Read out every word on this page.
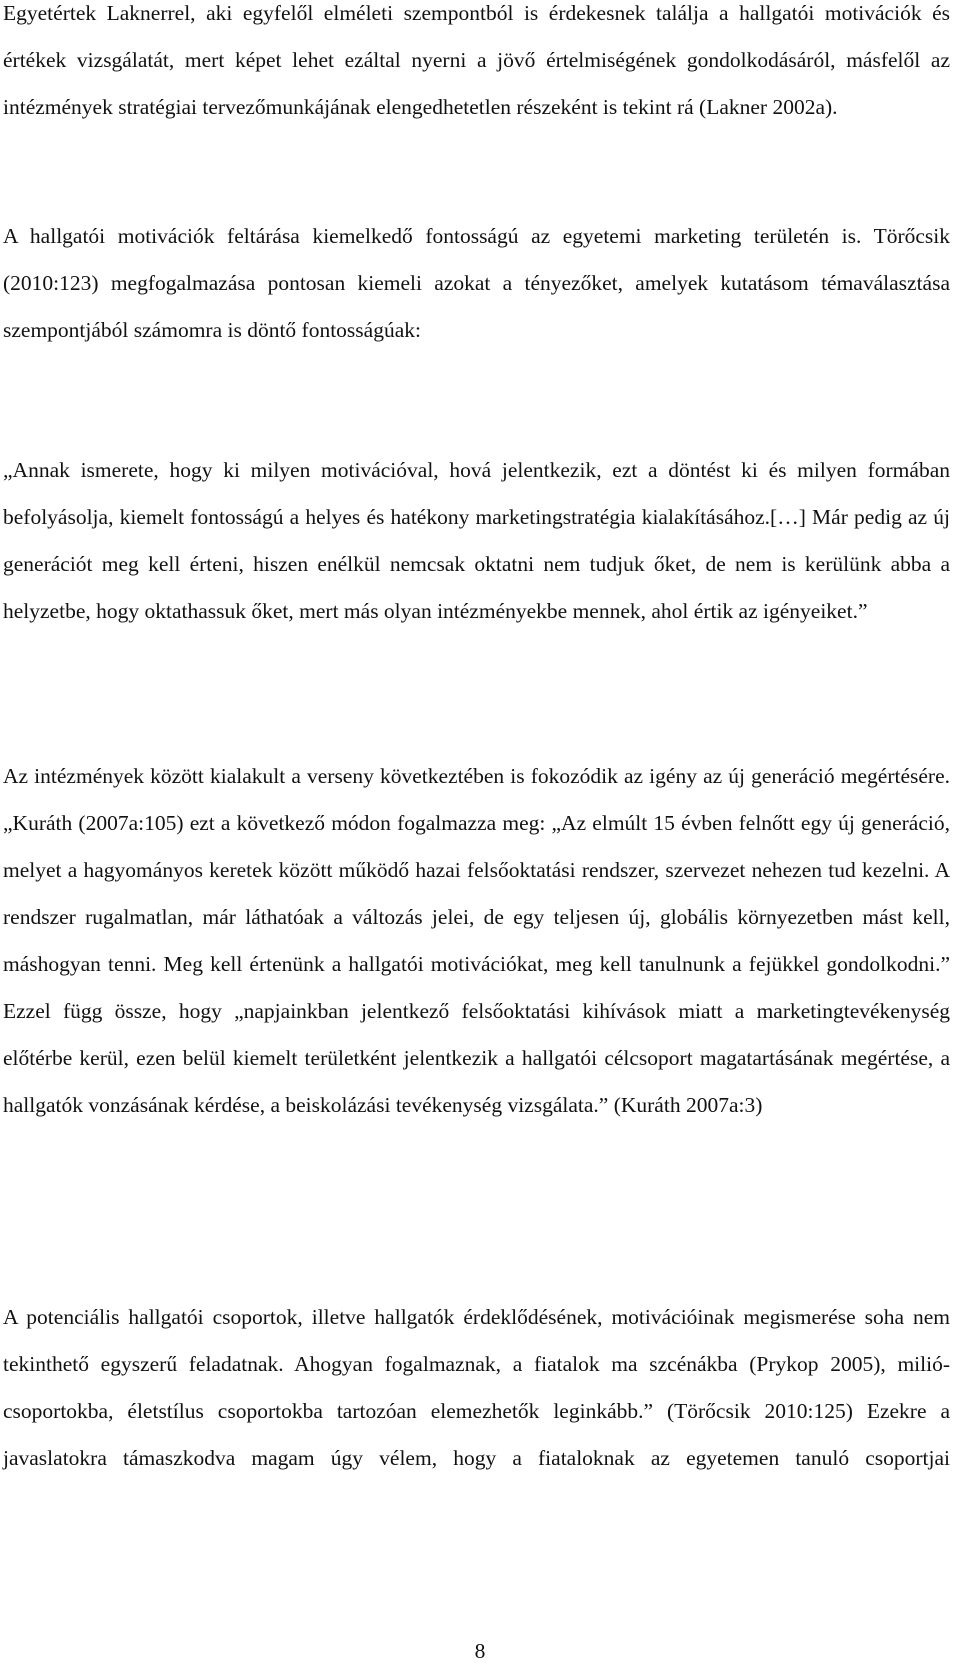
Egyetértek Laknerrel, aki egyfelől elméleti szempontból is érdekesnek találja a hallgatói motivációk és értékek vizsgálatát, mert képet lehet ezáltal nyerni a jövő értelmiségének gondolkodásáról, másfelől az intézmények stratégiai tervezőmunkájának elengedhetetlen részeként is tekint rá (Lakner 2002a).

A hallgatói motivációk feltárása kiemelkedő fontosságú az egyetemi marketing területén is. Törőcsik (2010:123) megfogalmazása pontosan kiemeli azokat a tényezőket, amelyek kutatásom témaválasztása szempontjából számomra is döntő fontosságúak:

„Annak ismerete, hogy ki milyen motivációval, hová jelentkezik, ezt a döntést ki és milyen formában befolyásolja, kiemelt fontosságú a helyes és hatékony marketingstratégia kialakításához.[…] Már pedig az új generációt meg kell érteni, hiszen enélkül nemcsak oktatni nem tudjuk őket, de nem is kerülünk abba a helyzetbe, hogy oktathassuk őket, mert más olyan intézményekbe mennek, ahol értik az igényeiket.”

Az intézmények között kialakult a verseny következtében is fokozódik az igény az új generáció megértésére. „Kuráth (2007a:105) ezt a következő módon fogalmazza meg: „Az elmúlt 15 évben felnőtt egy új generáció, melyet a hagyományos keretek között működő hazai felsőoktatási rendszer, szervezet nehezen tud kezelni. A rendszer rugalmatlan, már láthatóak a változás jelei, de egy teljesen új, globális környezetben mást kell, máshogyan tenni. Meg kell értenünk a hallgatói motivációkat, meg kell tanulnunk a fejükkel gondolkodni.” Ezzel függ össze, hogy „napjainkban jelentkező felsőoktatási kihívások miatt a marketingtevékenység előtérbe kerül, ezen belül kiemelt területként jelentkezik a hallgatói célcsoport magatartásának megértése, a hallgatók vonzásának kérdése, a beiskolázási tevékenység vizsgálata.” (Kuráth 2007a:3)

A potenciális hallgatói csoportok, illetve hallgatók érdeklődésének, motivációinak megismerése soha nem tekinthető egyszerű feladatnak. Ahogyan fogalmaznak, a fiatalok ma szcénákba (Prykop 2005), milió-csoportokba, életstílus csoportokba tartozóan elemezhetők leginkább.” (Törőcsik 2010:125) Ezekre a javaslatokra támaszkodva magam úgy vélem, hogy a fiataloknak az egyetemen tanuló csoportjai

8
